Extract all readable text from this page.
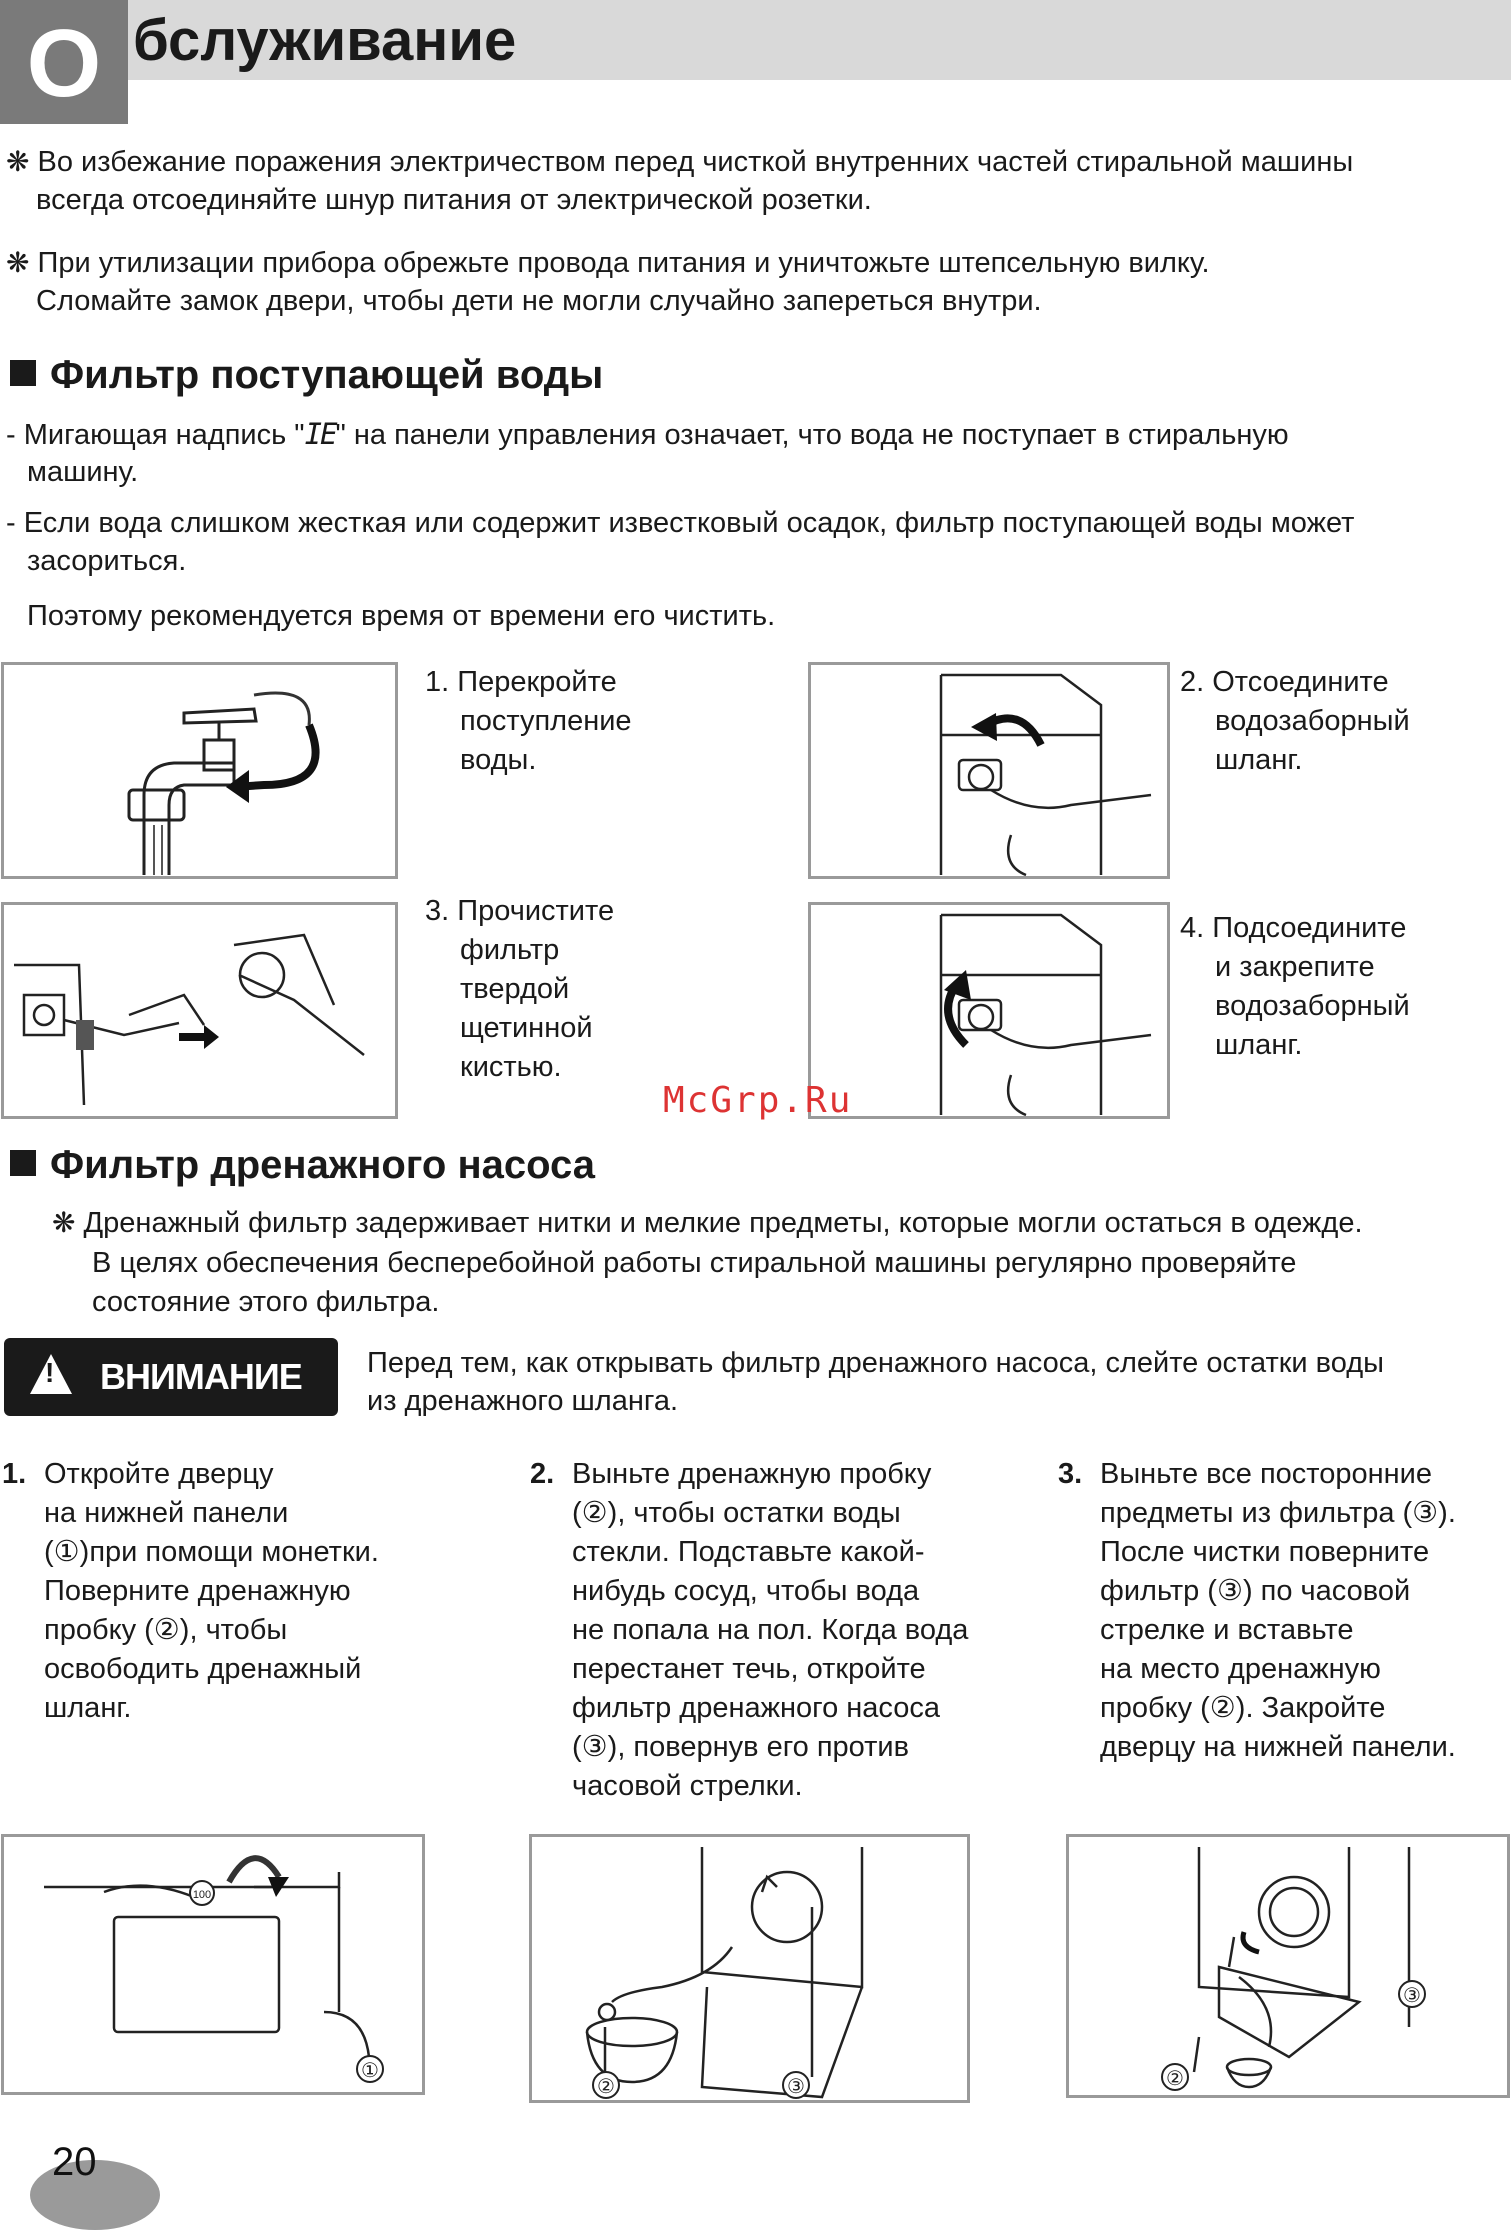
О бслуживание
❋ Во избежание поражения электричеством перед чисткой внутренних частей стиральной машины
всегда отсоединяйте шнур питания от электрической розетки.
❋ При утилизации прибора обрежьте провода питания и уничтожьте штепсельную вилку.
Сломайте замок двери, чтобы дети не могли случайно запереться внутри.
Фильтр поступающей воды
- Мигающая надпись "IE" на панели управления означает, что вода не поступает в стиральную
машину.
- Если вода слишком жесткая или содержит известковый осадок, фильтр поступающей воды может
засориться.
Поэтому рекомендуется время от времени его чистить.
1. Перекройте
поступление
воды.
2. Отсоедините
водозаборный
шланг.
3. Прочистите
фильтр
твердой
щетинной
кистью.
4. Подсоедините
и закрепите
водозаборный
шланг.
McGrp.Ru
Фильтр дренажного насоса
❋ Дренажный фильтр задерживает нитки и мелкие предметы, которые могли остаться в одежде.
В целях обеспечения бесперебойной работы стиральной машины регулярно проверяйте
состояние этого фильтра.
! ВНИМАНИЕ Перед тем, как открывать фильтр дренажного насоса, слейте остатки воды
из дренажного шланга.
1. Откройте дверцу
на нижней панели
(①)при помощи монетки.
Поверните дренажную
пробку (②), чтобы
освободить дренажный
шланг.
2. Выньте дренажную пробку
(②), чтобы остатки воды
стекли. Подставьте какой-
нибудь сосуд, чтобы вода
не попала на пол. Когда вода
перестанет течь, откройте
фильтр дренажного насоса
(③), повернув его против
часовой стрелки.
3. Выньте все посторонние
предметы из фильтра (③).
После чистки поверните
фильтр (③) по часовой
стрелке и вставьте
на место дренажную
пробку (②). Закройте
дверцу на нижней панели.
100
①
②	③	②
③
20
